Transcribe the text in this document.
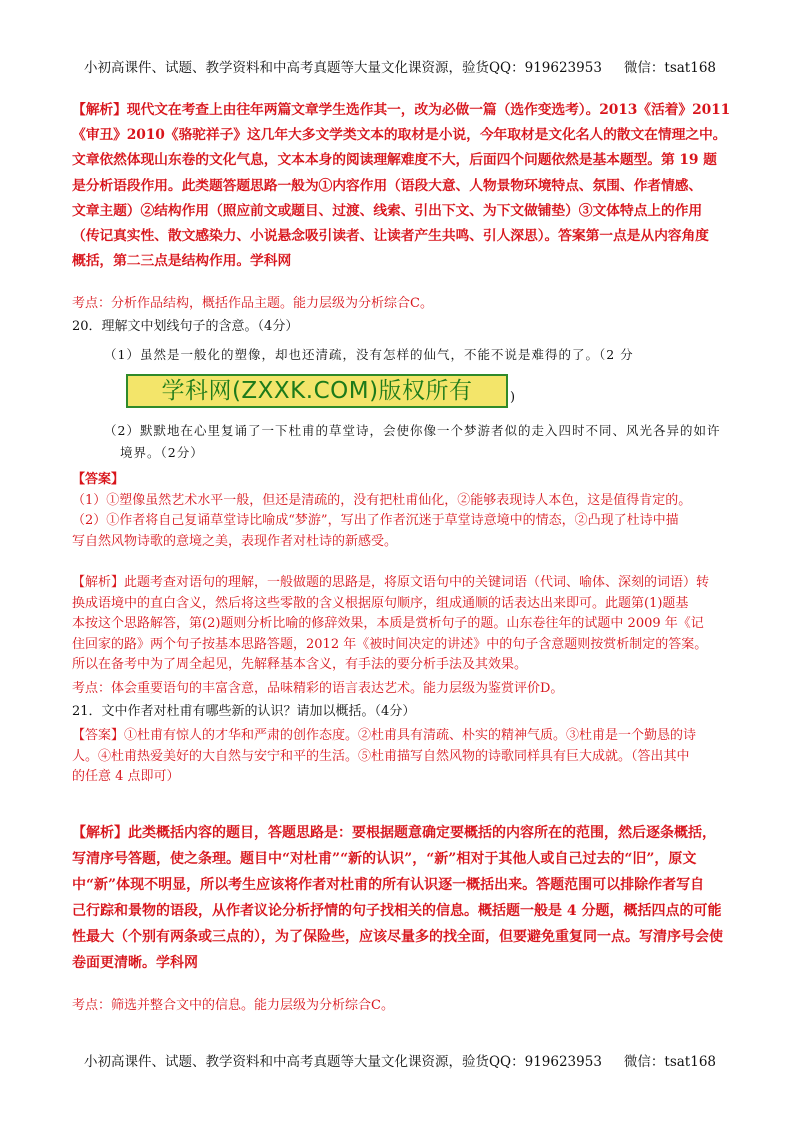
小初高课件、试题、教学资料和中高考真题等大量文化课资源，验货QQ：919623953 微信：tsat168
【解析】现代文在考查上由往年两篇文章学生选作其一，改为必做一篇（选作变选考）。2013《活着》2011
《审丑》2010《骆驼祥子》这几年大多文学类文本的取材是小说，今年取材是文化名人的散文在情理之中。
文章依然体现山东卷的文化气息，文本本身的阅读理解难度不大，后面四个问题依然是基本题型。第 19 题
是分析语段作用。此类题答题思路一般为①内容作用（语段大意、人物景物环境特点、氛围、作者情感、
文章主题）②结构作用（照应前文或题目、过渡、线索、引出下文、为下文做铺垫）③文体特点上的作用
（传记真实性、散文感染力、小说悬念吸引读者、让读者产生共鸣、引人深思）。答案第一点是从内容角度
概括，第二三点是结构作用。学科网
考点：分析作品结构，概括作品主题。能力层级为分析综合C。
20．理解文中划线句子的含意。（4分）
（1）虽然是一般化的塑像，却也还清疏，没有怎样的仙气，不能不说是难得的了。（2 分
学科网(ZXXK.COM)版权所有	)
（2）默默地在心里复诵了一下杜甫的草堂诗，会使你像一个梦游者似的走入四时不同、风光各异的如许
境界。（2分）
【答案】
（1）①塑像虽然艺术水平一般，但还是清疏的，没有把杜甫仙化，②能够表现诗人本色，这是值得肯定的。
（2）①作者将自己复诵草堂诗比喻成“梦游”，写出了作者沉迷于草堂诗意境中的情态，②凸现了杜诗中描
写自然风物诗歌的意境之美，表现作者对杜诗的新感受。
【解析】此题考查对语句的理解，一般做题的思路是，将原文语句中的关键词语（代词、喻体、深刻的词语）转
换成语境中的直白含义，然后将这些零散的含义根据原句顺序，组成通顺的话表达出来即可。此题第(1)题基
本按这个思路解答，第(2)题则分析比喻的修辞效果，本质是赏析句子的题。山东卷往年的试题中 2009 年《记
住回家的路》两个句子按基本思路答题，2012 年《被时间决定的讲述》中的句子含意题则按赏析制定的答案。
所以在备考中为了周全起见，先解释基本含义，有手法的要分析手法及其效果。
考点：体会重要语句的丰富含意，品味精彩的语言表达艺术。能力层级为鉴赏评价D。
21．文中作者对杜甫有哪些新的认识？请加以概括。（4分）
【答案】①杜甫有惊人的才华和严肃的创作态度。②杜甫具有清疏、朴实的精神气质。③杜甫是一个勤恳的诗
人。④杜甫热爱美好的大自然与安宁和平的生活。⑤杜甫描写自然风物的诗歌同样具有巨大成就。（答出其中
的任意 4 点即可）
【解析】此类概括内容的题目，答题思路是：要根据题意确定要概括的内容所在的范围，然后逐条概括，
写清序号答题，使之条理。题目中“对杜甫”“新的认识”，“新”相对于其他人或自己过去的“旧”，原文
中“新”体现不明显，所以考生应该将作者对杜甫的所有认识逐一概括出来。答题范围可以排除作者写自
己行踪和景物的语段，从作者议论分析抒情的句子找相关的信息。概括题一般是 4 分题，概括四点的可能
性最大（个别有两条或三点的），为了保险些，应该尽量多的找全面，但要避免重复同一点。写清序号会使
卷面更清晰。学科网
考点：筛选并整合文中的信息。能力层级为分析综合C。
小初高课件、试题、教学资料和中高考真题等大量文化课资源，验货QQ：919623953 微信：tsat168
